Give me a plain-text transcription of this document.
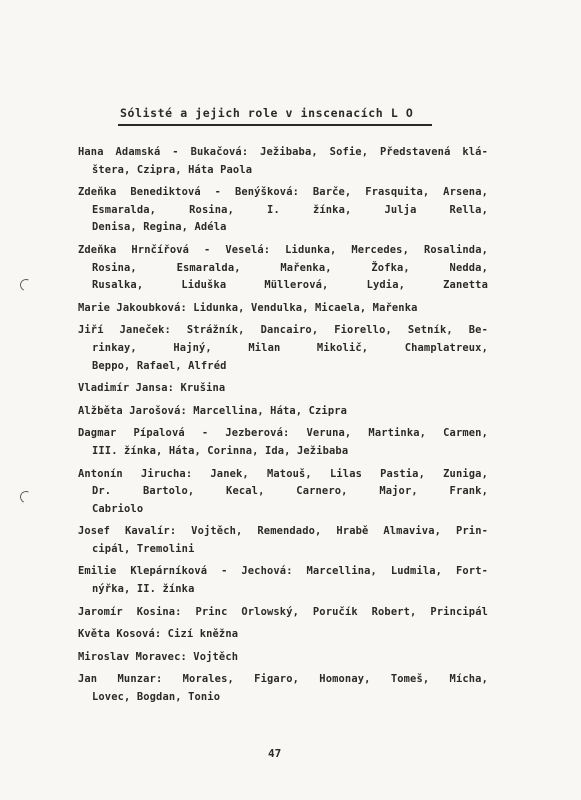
Sólisté a jejich role v inscenacích L O
Hana Adamská - Bukačová: Ježibaba, Sofie, Představená klá-
štera, Czipra, Háta Paola
Zdeňka Benediktová - Benýšková: Barče, Frasquita, Arsena,
Esmaralda, Rosina, I. žínka, Julja Rella,
Denisa, Regina, Adéla
Zdeňka Hrnčířová - Veselá: Lidunka, Mercedes, Rosalinda,
Rosina, Esmaralda, Mařenka, Žofka, Nedda,
Rusalka, Liduška Müllerová, Lydia, Zanetta
Marie Jakoubková: Lidunka, Vendulka, Micaela, Mařenka
Jiří Janeček: Strážník, Dancairo, Fiorello, Setník, Be-
rinkay, Hajný, Milan Mikolič, Champlatreux,
Beppo, Rafael, Alfréd
Vladimír Jansa: Krušina
Alžběta Jarošová: Marcellina, Háta, Czipra
Dagmar Pípalová - Jezberová: Veruna, Martinka, Carmen,
III. žínka, Háta, Corinna, Ida, Ježibaba
Antonín Jirucha: Janek, Matouš, Lilas Pastia, Zuniga,
Dr. Bartolo, Kecal, Carnero, Major, Frank,
Cabriolo
Josef Kavalír: Vojtěch, Remendado, Hrabě Almaviva, Prin-
cipál, Tremolini
Emilie Klepárníková - Jechová: Marcellina, Ludmila, Fort-
nýřka, II. žínka
Jaromír Kosina: Princ Orlowský, Poručík Robert, Principál
Květa Kosová: Cizí kněžna
Miroslav Moravec: Vojtěch
Jan Munzar: Morales, Figaro, Homonay, Tomeš, Mícha,
Lovec, Bogdan, Tonio
47
